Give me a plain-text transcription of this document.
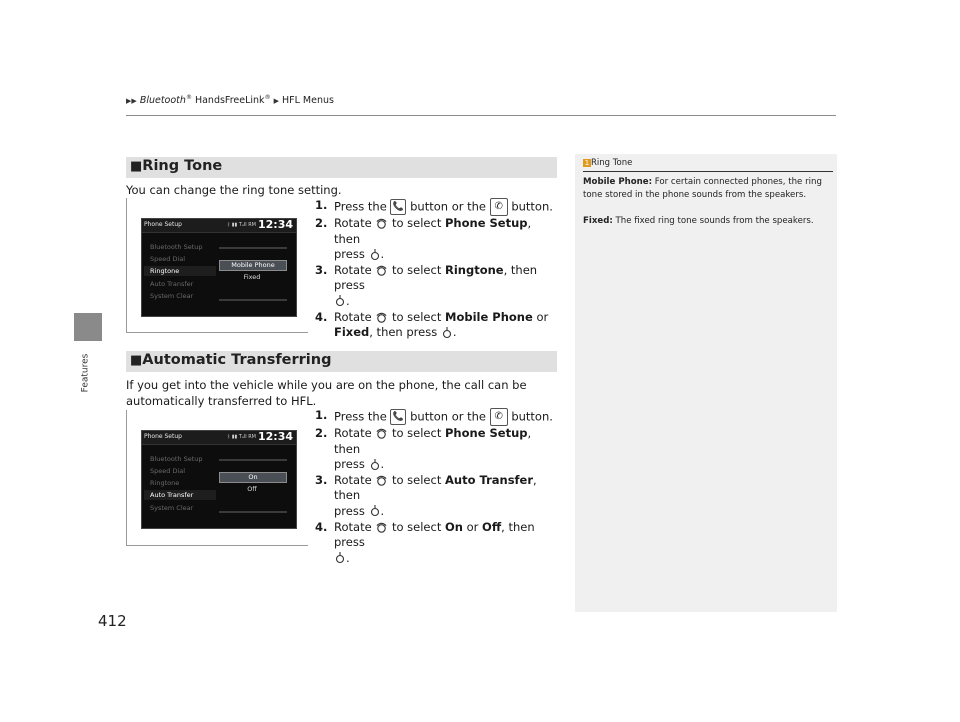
▶▶ Bluetooth® HandsFreeLink® ▶ HFL Menus
Features
412
■Ring Tone
You can change the ring tone setting.
Phone Setup	ᛒ ▮▮ Tₐll RM 12:34
Bluetooth Setup
Speed Dial
Ringtone
Auto Transfer
System Clear
Mobile Phone
Fixed
1. Press the 📞 button or the ✆ button.
2. Rotate to select Phone Setup, then
press .
3. Rotate to select Ringtone, then press
.
4. Rotate to select Mobile Phone or
Fixed, then press .
■Automatic Transferring
If you get into the vehicle while you are on the phone, the call can be automatically transferred to HFL.
Phone Setup	ᛒ ▮▮ Tₐll RM 12:34
Bluetooth Setup
Speed Dial
Ringtone
Auto Transfer
System Clear
On
Off
1. Press the 📞 button or the ✆ button.
2. Rotate to select Phone Setup, then
press .
3. Rotate to select Auto Transfer, then
press .
4. Rotate to select On or Off, then press
.
1 Ring Tone
Mobile Phone: For certain connected phones, the ring tone stored in the phone sounds from the speakers.
Fixed: The fixed ring tone sounds from the speakers.
